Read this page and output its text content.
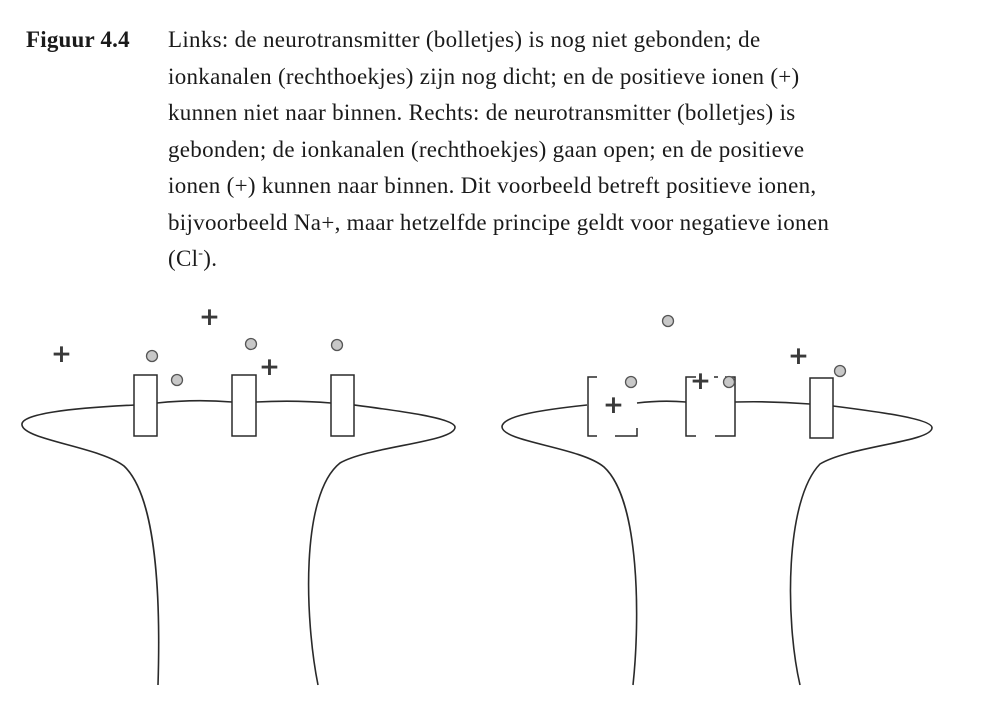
Figuur 4.4 Links: de neurotransmitter (bolletjes) is nog niet gebonden; de
ionkanalen (rechthoekjes) zijn nog dicht; en de positieve ionen (+)
kunnen niet naar binnen. Rechts: de neurotransmitter (bolletjes) is
gebonden; de ionkanalen (rechthoekjes) gaan open; en de positieve
ionen (+) kunnen naar binnen. Dit voorbeeld betreft positieve ionen,
bijvoorbeeld Na+, maar hetzelfde principe geldt voor negatieve ionen
(Cl-).
+
+
+
+
+
+
